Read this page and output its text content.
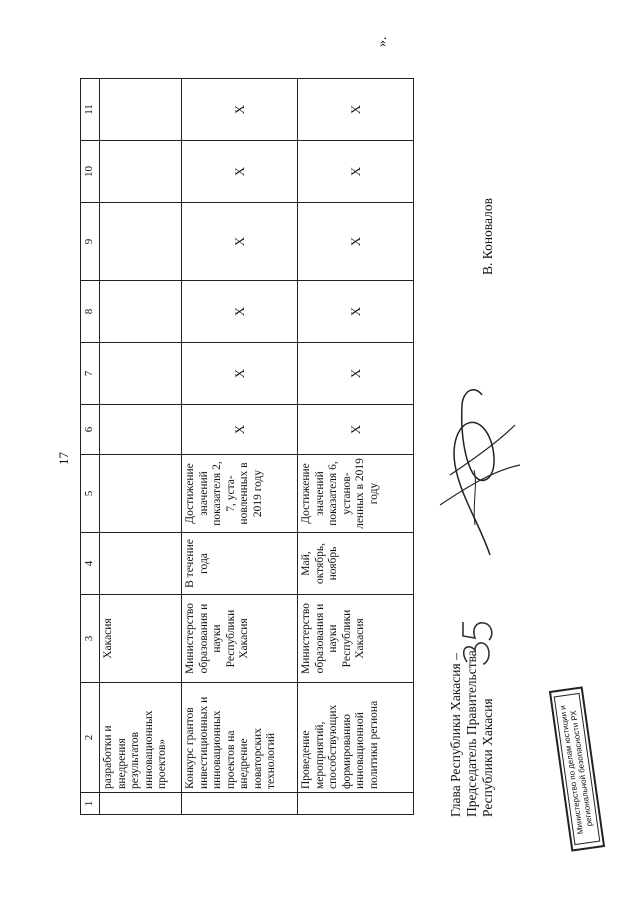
17
».
1	2	3	4	5	6	7	8	9	10	11
	разработки и внедрения результатов инновационных проектов»	Хакасия								
	Конкурс грантов инвестиционных и инновационных проектов на внедрение новаторских технологий	Министерство образования и науки Республики Хакасия	В течение года	Достижение значений показателя 2, 7, уста-новленных в 2019 году	Х	Х	Х	Х	Х	Х
	Проведение мероприятий, способствующих формированию инновационной политики региона	Министерство образования и науки Республики Хакасия	Май, октябрь, ноябрь	Достижение значений показателя 6, установ-ленных в 2019 году	Х	Х	Х	Х	Х	Х
Глава Республики Хакасия – Председатель Правительства Республики Хакасия
В. Коновалов
Министерство по делам юстиции и региональной безопасности РХ
